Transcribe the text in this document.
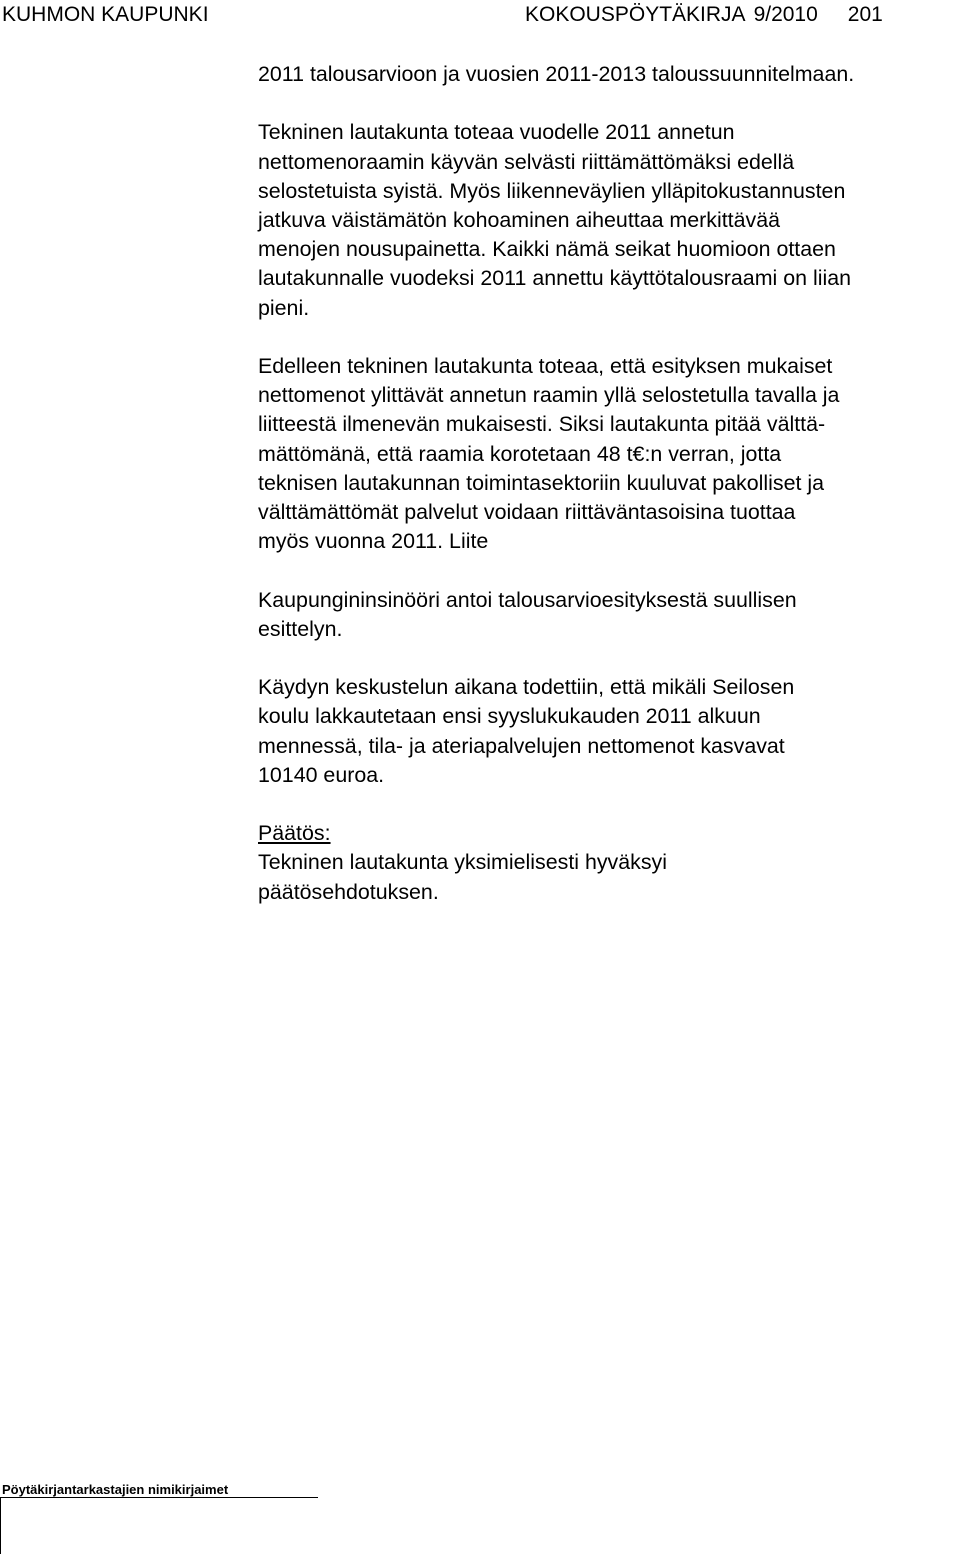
KUHMON KAUPUNKI	KOKOUSPÖYTÄKIRJA 9/2010 201

2011 talousarvioon ja vuosien 2011-2013 taloussuunnitelmaan.

Tekninen lautakunta toteaa vuodelle 2011 annetun

nettomenoraamin käyvän selvästi riittämättömäksi edellä

selostetuista syistä. Myös liikenneväylien ylläpitokustannusten

jatkuva väistämätön kohoaminen aiheuttaa merkittävää

menojen nousupainetta. Kaikki nämä seikat huomioon ottaen

lautakunnalle vuodeksi 2011 annettu käyttötalousraami on liian

pieni.

Edelleen tekninen lautakunta toteaa, että esityksen mukaiset

nettomenot ylittävät annetun raamin yllä selostetulla tavalla ja

liitteestä ilmenevän mukaisesti. Siksi lautakunta pitää välttä-

mättömänä, että raamia korotetaan 48 t€:n verran, jotta

teknisen lautakunnan toimintasektoriin kuuluvat pakolliset ja

välttämättömät palvelut voidaan riittäväntasoisina tuottaa

myös vuonna 2011. Liite

Kaupungininsinööri antoi talousarvioesityksestä suullisen

esittelyn.

Käydyn keskustelun aikana todettiin, että mikäli Seilosen

koulu lakkautetaan ensi syyslukukauden 2011 alkuun

mennessä, tila- ja ateriapalvelujen nettomenot kasvavat

10140 euroa.

Päätös:

Tekninen lautakunta yksimielisesti hyväksyi

päätösehdotuksen.

Pöytäkirjantarkastajien nimikirjaimet
